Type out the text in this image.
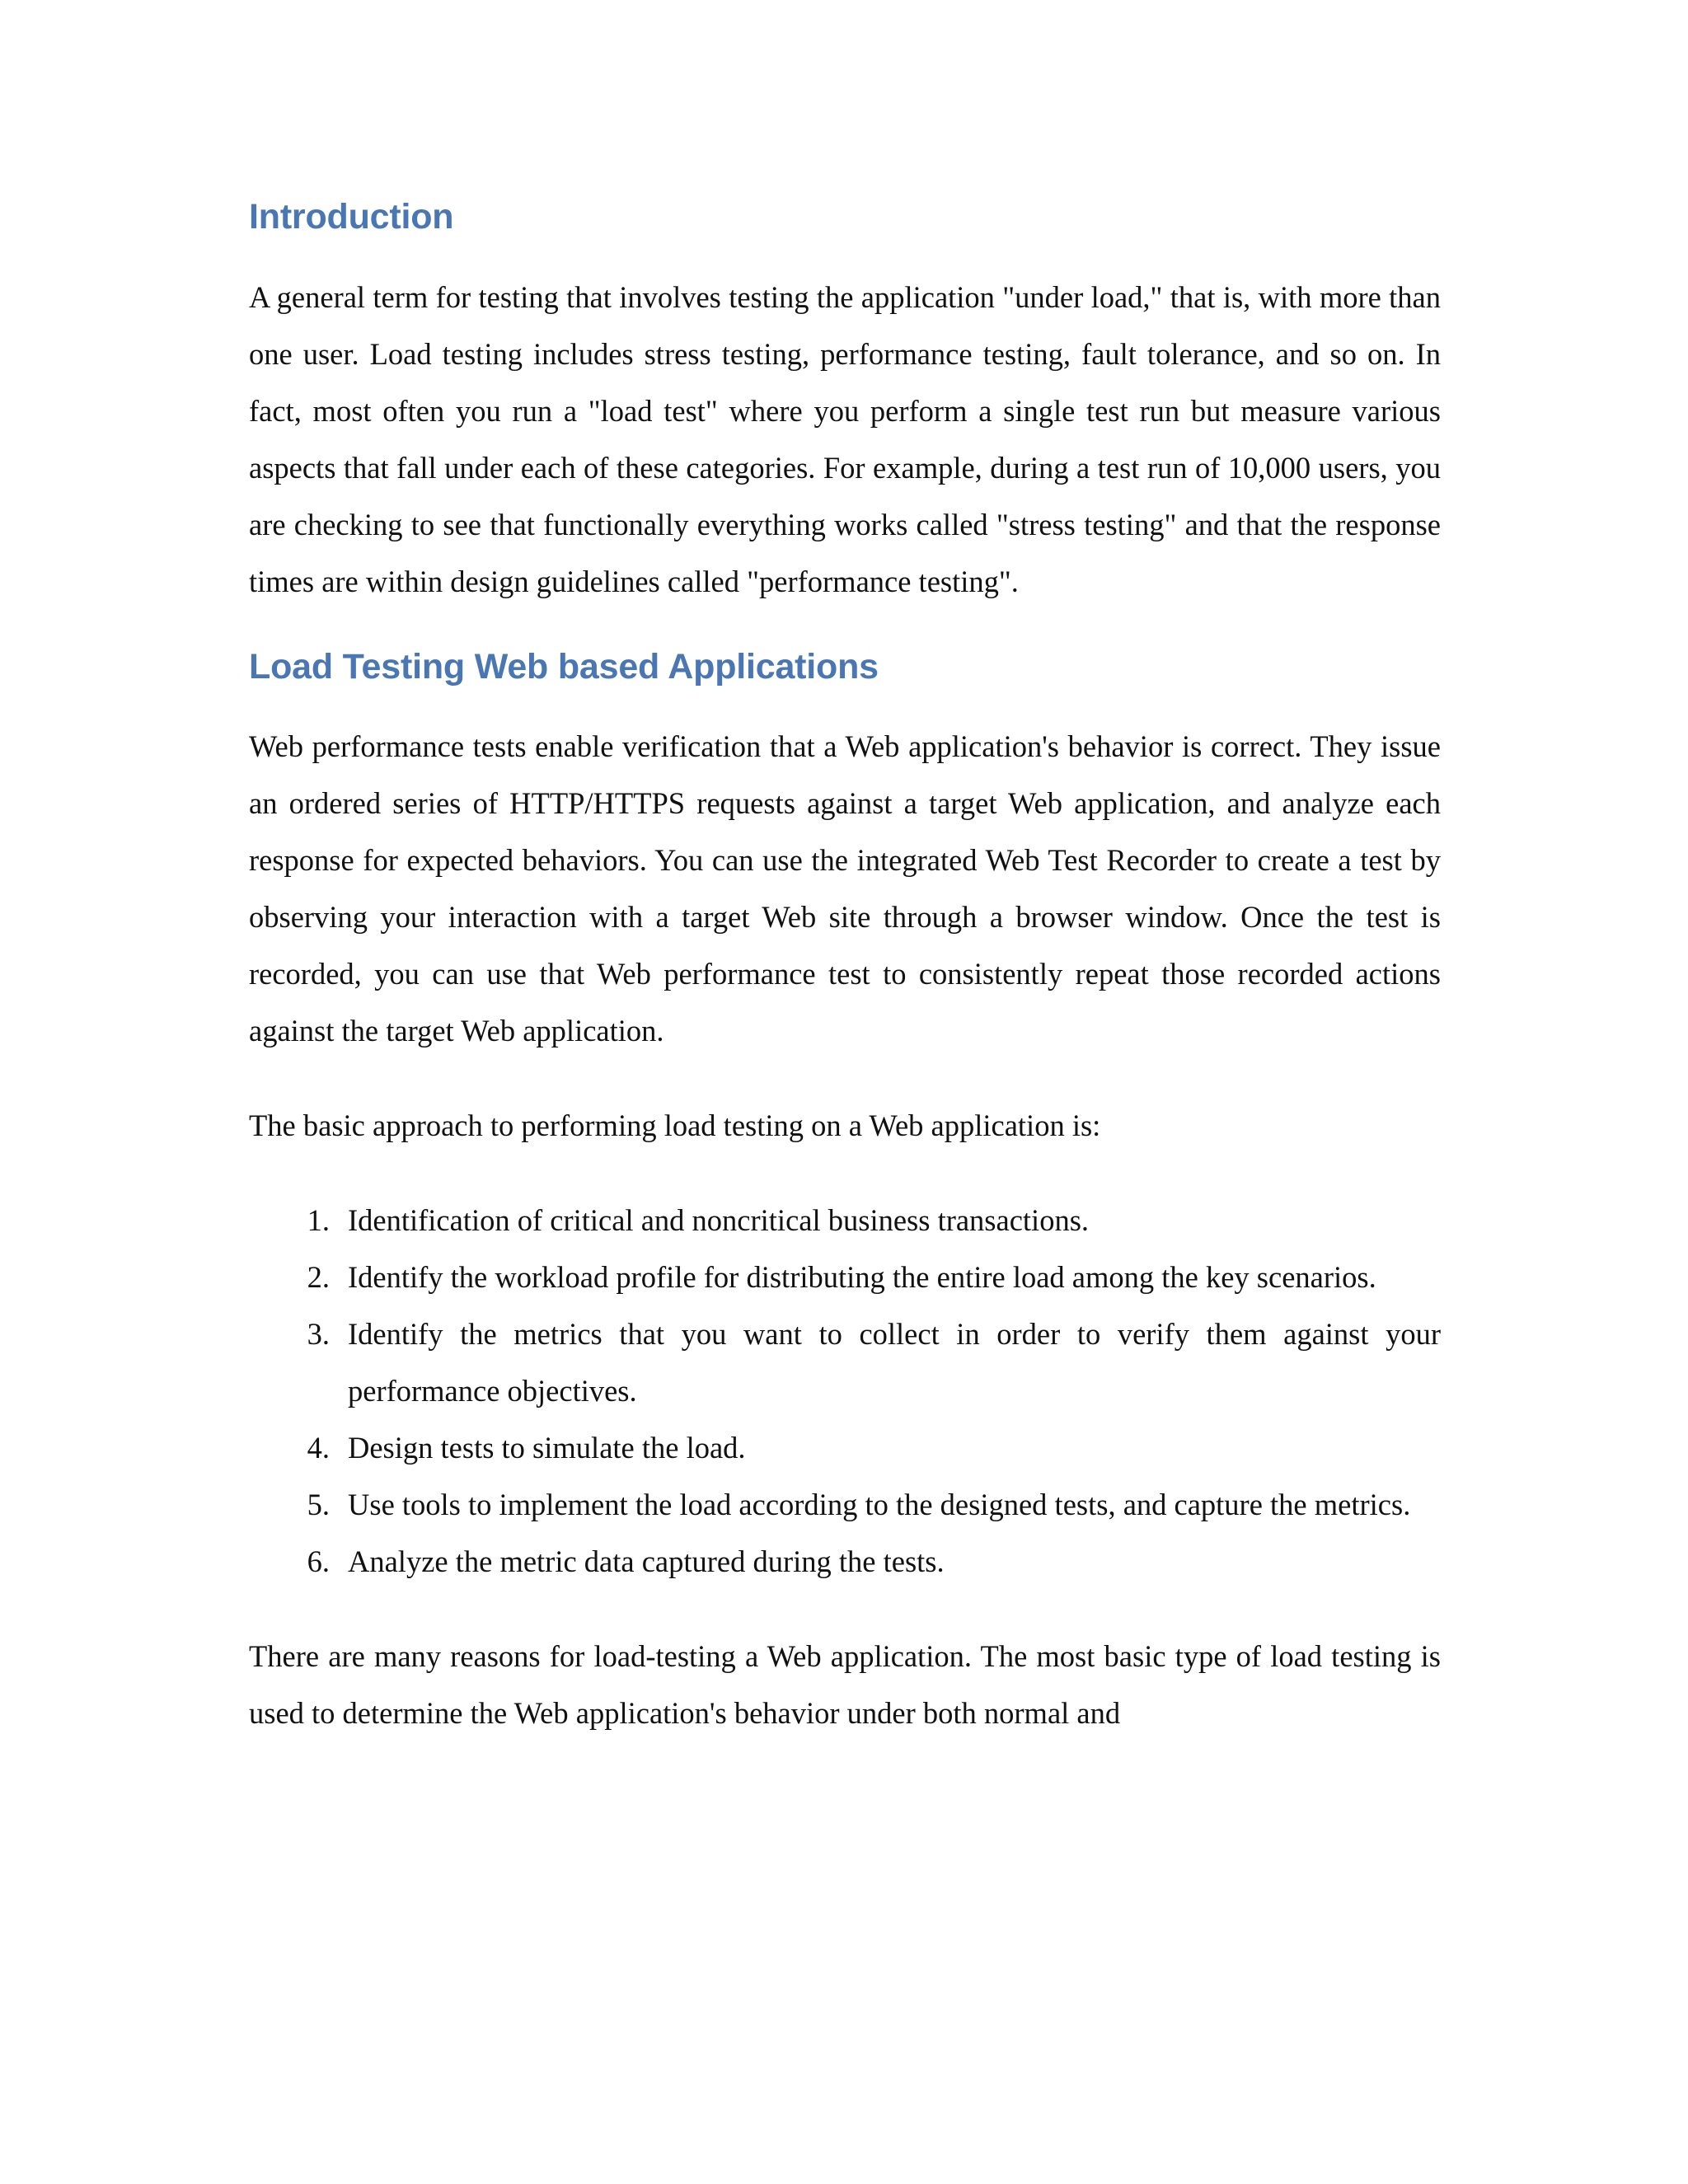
Introduction

A general term for testing that involves testing the application "under load," that is, with more than one user. Load testing includes stress testing, performance testing, fault tolerance, and so on. In fact, most often you run a "load test" where you perform a single test run but measure various aspects that fall under each of these categories. For example, during a test run of 10,000 users, you are checking to see that functionally everything works called "stress testing" and that the response times are within design guidelines called "performance testing".

Load Testing Web based Applications

Web performance tests enable verification that a Web application's behavior is correct. They issue an ordered series of HTTP/HTTPS requests against a target Web application, and analyze each response for expected behaviors. You can use the integrated Web Test Recorder to create a test by observing your interaction with a target Web site through a browser window. Once the test is recorded, you can use that Web performance test to consistently repeat those recorded actions against the target Web application.

The basic approach to performing load testing on a Web application is:

1. Identification of critical and noncritical business transactions.
2. Identify the workload profile for distributing the entire load among the key scenarios.
3. Identify the metrics that you want to collect in order to verify them against your performance objectives.
4. Design tests to simulate the load.
5. Use tools to implement the load according to the designed tests, and capture the metrics.
6. Analyze the metric data captured during the tests.

There are many reasons for load-testing a Web application. The most basic type of load testing is used to determine the Web application's behavior under both normal and
